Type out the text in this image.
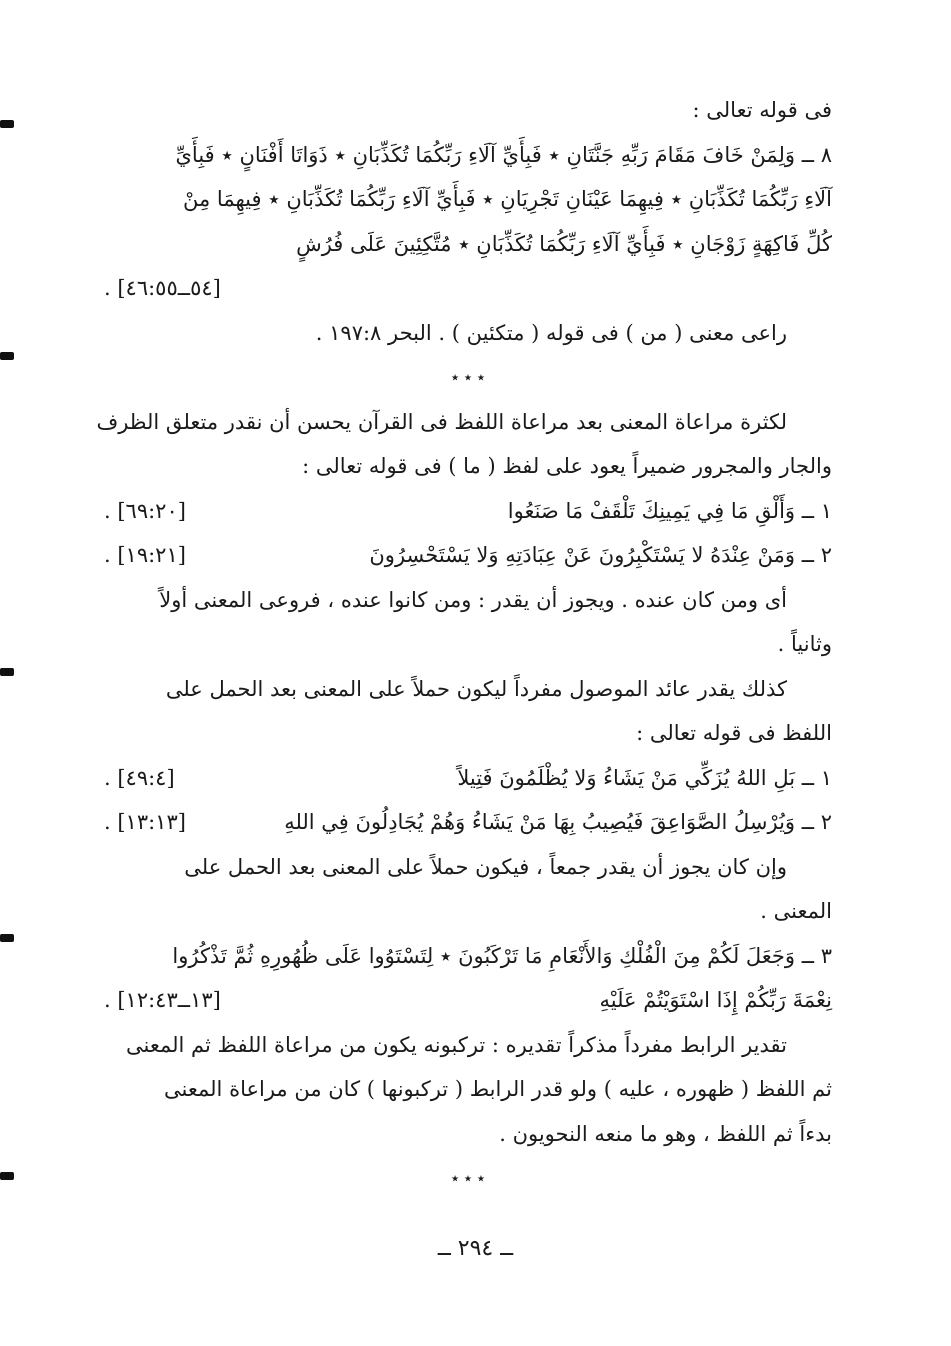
فى قوله تعالى :
٨ ــ وَلِمَنْ خَافَ مَقَامَ رَبِّهِ جَنَّتَانِ ٭ فَبِأَيِّ آلَاءِ رَبِّكُمَا تُكَذِّبَانِ ٭ ذَوَاتَا أَفْنَانٍ ٭ فَبِأَيِّ
آلَاءِ رَبِّكُمَا تُكَذِّبَانِ ٭ فِيهِمَا عَيْنَانِ تَجْرِيَانِ ٭ فَبِأَيِّ آلَاءِ رَبِّكُمَا تُكَذِّبَانِ ٭ فِيهِمَا مِنْ
كُلِّ فَاكِهَةٍ زَوْجَانِ ٭ فَبِأَيِّ آلَاءِ رَبِّكُمَا تُكَذِّبَانِ ٭ مُتَّكِئِينَ عَلَى فُرُشٍ
. [٥٤ــ٤٦:٥٥]
راعى معنى ( من ) فى قوله ( متكئين ) . البحر ١٩٧:٨ .
٭ ٭ ٭
لكثرة مراعاة المعنى بعد مراعاة اللفظ فى القرآن يحسن أن نقدر متعلق الظرف
والجار والمجرور ضميراً يعود على لفظ ( ما ) فى قوله تعالى :
١ ــ وَأَلْقِ مَا فِي يَمِينِكَ تَلْقَفْ مَا صَنَعُوا
. [٦٩:٢٠]
٢ ــ وَمَنْ عِنْدَهُ لا يَسْتَكْبِرُونَ عَنْ عِبَادَتِهِ وَلا يَسْتَحْسِرُونَ
. [١٩:٢١]
أى ومن كان عنده . ويجوز أن يقدر : ومن كانوا عنده ، فروعى المعنى أولاً
وثانياً .
كذلك يقدر عائد الموصول مفرداً ليكون حملاً على المعنى بعد الحمل على
اللفظ فى قوله تعالى :
١ ــ بَلِ اللهُ يُزَكِّي مَنْ يَشَاءُ وَلا يُظْلَمُونَ فَتِيلاً
. [٤٩:٤]
٢ ــ وَيُرْسِلُ الصَّوَاعِقَ فَيُصِيبُ بِهَا مَنْ يَشَاءُ وَهُمْ يُجَادِلُونَ فِي اللهِ
. [١٣:١٣]
وإن كان يجوز أن يقدر جمعاً ، فيكون حملاً على المعنى بعد الحمل على
المعنى .
٣ ــ وَجَعَلَ لَكُمْ مِنَ الْفُلْكِ وَالأَنْعَامِ مَا تَرْكَبُونَ ٭ لِتَسْتَوُوا عَلَى ظُهُورِهِ ثُمَّ تَذْكُرُوا
نِعْمَةَ رَبِّكُمْ إِذَا اسْتَوَيْتُمْ عَلَيْهِ
. [١٣ــ١٢:٤٣]
تقدير الرابط مفرداً مذكراً تقديره : تركبونه يكون من مراعاة اللفظ ثم المعنى
ثم اللفظ ( ظهوره ، عليه ) ولو قدر الرابط ( تركبونها ) كان من مراعاة المعنى
بدءاً ثم اللفظ ، وهو ما منعه النحويون .
٭ ٭ ٭
ــ ٢٩٤ ــ
